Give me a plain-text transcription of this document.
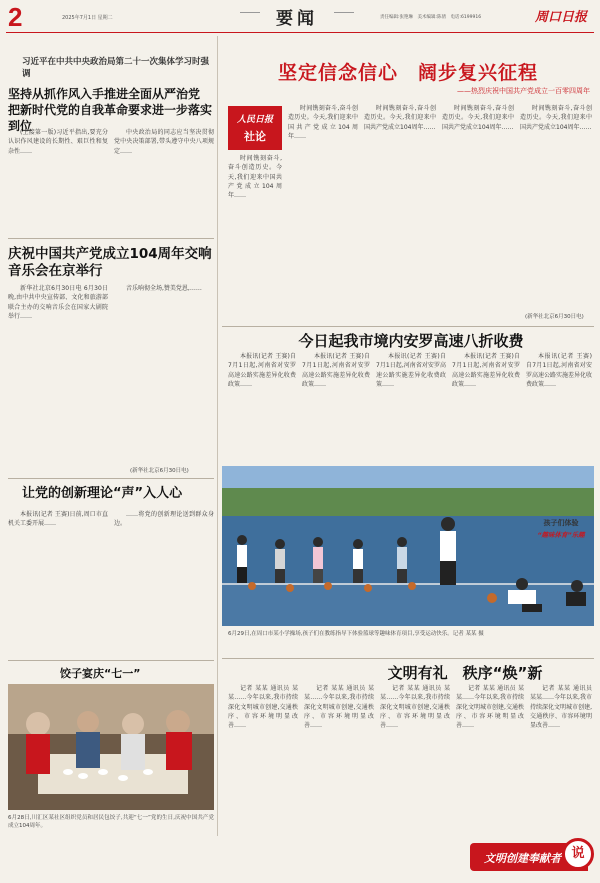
2	2025年7月1日 星期二	要闻	责任编辑:张艳琳　美术编辑:陈倩　电话:6199916	周口日报
习近平在中共中央政治局第二十一次集体学习时强调
坚持从抓作风入手推进全面从严治党 把新时代党的自我革命要求进一步落实到位
(上接第一版)习近平指出,要充分认识作风建设的长期性、艰巨性和复杂性……
中央政治局的同志应当坚决贯彻党中央决策部署,带头遵守中央八项规定……
庆祝中国共产党成立104周年交响音乐会在京举行
新华社北京6月30日电 6月30日晚,由中共中央宣传部、文化和旅游部联合主办的交响音乐会在国家大剧院举行……
音乐响彻全场,赞美党恩,……
(新华社北京6月30日电)
让党的创新理论“声”入人心
本报讯(记者 王赛)日前,周口市直机关工委开展……
……将党的创新理论送到群众身边。
饺子宴庆“七一”
6月28日,川汇区某社区组织党员和居民包饺子,共迎“七一”党的生日,庆祝中国共产党成立104周年。
坚定信念信心　阔步复兴征程
——热烈庆祝中国共产党成立一百零四周年
人民日报
社论
时间镌刻奋斗,奋斗创造历史。今天,我们迎来中国共产党成立104周年……
时间镌刻奋斗,奋斗创造历史。今天,我们迎来中国共产党成立104周年……
时间镌刻奋斗,奋斗创造历史。今天,我们迎来中国共产党成立104周年……
时间镌刻奋斗,奋斗创造历史。今天,我们迎来中国共产党成立104周年……
时间镌刻奋斗,奋斗创造历史。今天,我们迎来中国共产党成立104周年……
(新华社北京6月30日电)
今日起我市境内安罗高速八折收费
本报讯(记者 王赛)自7月1日起,河南省对安罗高速公路实施差异化收费政策……
本报讯(记者 王赛)自7月1日起,河南省对安罗高速公路实施差异化收费政策……
本报讯(记者 王赛)自7月1日起,河南省对安罗高速公路实施差异化收费政策……
本报讯(记者 王赛)自7月1日起,河南省对安罗高速公路实施差异化收费政策……
本报讯(记者 王赛)自7月1日起,河南省对安罗高速公路实施差异化收费政策……
孩子们体验
“趣味体育”乐趣
6月29日,在周口市某小学操场,孩子们在教练指导下体验篮球等趣味体育项目,享受运动快乐。记者 某某 摄
文明有礼　秩序“焕”新
记者 某某 通讯员 某某……今年以来,我市持续深化文明城市创建,交通秩序、市容环境明显改善……
记者 某某 通讯员 某某……今年以来,我市持续深化文明城市创建,交通秩序、市容环境明显改善……
记者 某某 通讯员 某某……今年以来,我市持续深化文明城市创建,交通秩序、市容环境明显改善……
记者 某某 通讯员 某某……今年以来,我市持续深化文明城市创建,交通秩序、市容环境明显改善……
记者 某某 通讯员 某某……今年以来,我市持续深化文明城市创建,交通秩序、市容环境明显改善……
文明创建奉献者 说
